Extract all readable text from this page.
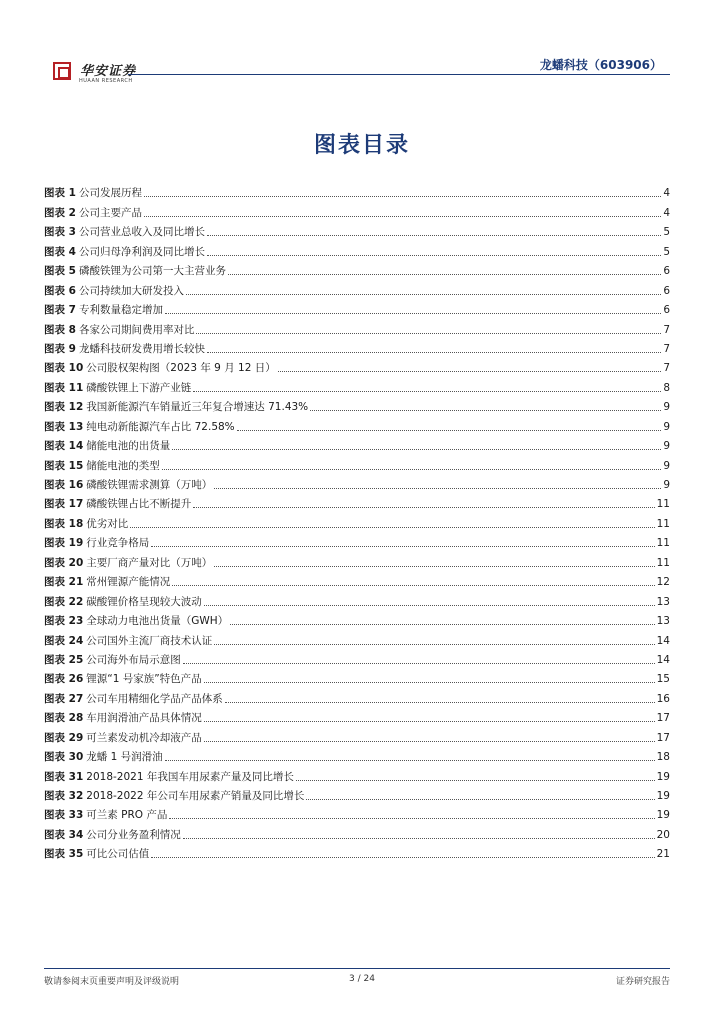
华安证券
HUAAN RESEARCH
龙蟠科技（603906）
图表目录
图表 1 公司发展历程	4
图表 2 公司主要产品	4
图表 3 公司营业总收入及同比增长	5
图表 4 公司归母净利润及同比增长	5
图表 5 磷酸铁锂为公司第一大主营业务	6
图表 6 公司持续加大研发投入	6
图表 7 专利数量稳定增加	6
图表 8 各家公司期间费用率对比	7
图表 9 龙蟠科技研发费用增长较快	7
图表 10 公司股权架构图（2023 年 9 月 12 日）	7
图表 11 磷酸铁锂上下游产业链	8
图表 12 我国新能源汽车销量近三年复合增速达 71.43%	9
图表 13 纯电动新能源汽车占比 72.58%	9
图表 14 储能电池的出货量	9
图表 15 储能电池的类型	9
图表 16 磷酸铁锂需求测算（万吨）	9
图表 17 磷酸铁锂占比不断提升	11
图表 18 优劣对比	11
图表 19 行业竞争格局	11
图表 20 主要厂商产量对比（万吨）	11
图表 21 常州锂源产能情况	12
图表 22 碳酸锂价格呈现较大波动	13
图表 23 全球动力电池出货量（GWH）	13
图表 24 公司国外主流厂商技术认证	14
图表 25 公司海外布局示意图	14
图表 26 锂源“1 号家族”特色产品	15
图表 27 公司车用精细化学品产品体系	16
图表 28 车用润滑油产品具体情况	17
图表 29 可兰素发动机冷却液产品	17
图表 30 龙蟠 1 号润滑油	18
图表 31 2018-2021 年我国车用尿素产量及同比增长	19
图表 32 2018-2022 年公司车用尿素产销量及同比增长	19
图表 33 可兰素 PRO 产品	19
图表 34 公司分业务盈利情况	20
图表 35 可比公司估值	21
敬请参阅末页重要声明及评级说明	3 / 24	证券研究报告
